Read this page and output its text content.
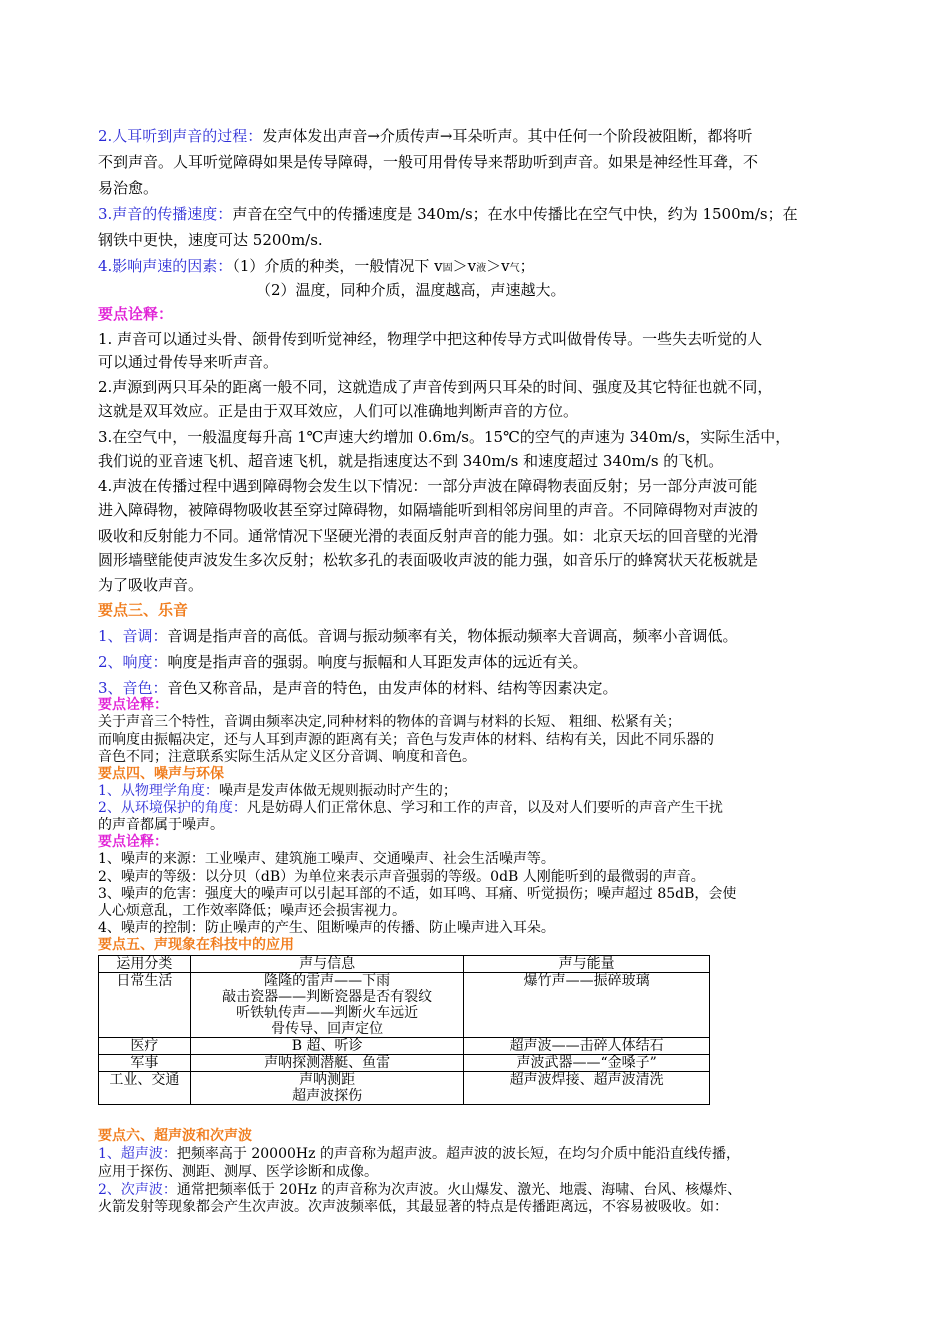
2.人耳听到声音的过程：发声体发出声音→介质传声→耳朵听声。其中任何一个阶段被阻断，都将听
不到声音。人耳听觉障碍如果是传导障碍，一般可用骨传导来帮助听到声音。如果是神经性耳聋，不
易治愈。
3.声音的传播速度：声音在空气中的传播速度是 340m/s；在水中传播比在空气中快，约为 1500m/s；在
钢铁中更快，速度可达 5200m/s.
4.影响声速的因素：（1）介质的种类，一般情况下 v固＞v液＞v气；
（2）温度，同种介质，温度越高，声速越大。
要点诠释：
1. 声音可以通过头骨、颌骨传到听觉神经，物理学中把这种传导方式叫做骨传导。一些失去听觉的人
可以通过骨传导来听声音。
2.声源到两只耳朵的距离一般不同，这就造成了声音传到两只耳朵的时间、强度及其它特征也就不同，
这就是双耳效应。正是由于双耳效应，人们可以准确地判断声音的方位。
3.在空气中，一般温度每升高 1℃声速大约增加 0.6m/s。15℃的空气的声速为 340m/s，实际生活中，
我们说的亚音速飞机、超音速飞机，就是指速度达不到 340m/s 和速度超过 340m/s 的飞机。
4.声波在传播过程中遇到障碍物会发生以下情况：一部分声波在障碍物表面反射；另一部分声波可能
进入障碍物，被障碍物吸收甚至穿过障碍物，如隔墙能听到相邻房间里的声音。不同障碍物对声波的
吸收和反射能力不同。通常情况下坚硬光滑的表面反射声音的能力强。如：北京天坛的回音壁的光滑
圆形墙壁能使声波发生多次反射；松软多孔的表面吸收声波的能力强，如音乐厅的蜂窝状天花板就是
为了吸收声音。
要点三、乐音
1、音调：音调是指声音的高低。音调与振动频率有关，物体振动频率大音调高，频率小音调低。
2、响度：响度是指声音的强弱。响度与振幅和人耳距发声体的远近有关。
3、音色：音色又称音品，是声音的特色，由发声体的材料、结构等因素决定。
要点诠释：
关于声音三个特性，音调由频率决定,同种材料的物体的音调与材料的长短、 粗细、松紧有关；
而响度由振幅决定，还与人耳到声源的距离有关；音色与发声体的材料、结构有关，因此不同乐器的
音色不同；注意联系实际生活从定义区分音调、响度和音色。
要点四、噪声与环保
1、从物理学角度：噪声是发声体做无规则振动时产生的；
2、从环境保护的角度：凡是妨碍人们正常休息、学习和工作的声音，以及对人们要听的声音产生干扰
的声音都属于噪声。
要点诠释：
1、噪声的来源：工业噪声、建筑施工噪声、交通噪声、社会生活噪声等。
2、噪声的等级：以分贝（dB）为单位来表示声音强弱的等级。0dB 人刚能听到的最微弱的声音。
3、噪声的危害：强度大的噪声可以引起耳部的不适，如耳鸣、耳痛、听觉损伤；噪声超过 85dB，会使
人心烦意乱，工作效率降低；噪声还会损害视力。
4、噪声的控制：防止噪声的产生、阻断噪声的传播、防止噪声进入耳朵。
要点五、声现象在科技中的应用
运用分类	声与信息	声与能量
日常生活	隆隆的雷声——下雨
敲击瓷器——判断瓷器是否有裂纹
听铁轨传声——判断火车远近
骨传导、回声定位	爆竹声——振碎玻璃

医疗	B 超、听诊	超声波——击碎人体结石

军事	声呐探测潜艇、鱼雷	声波武器——“金嗓子”

工业、交通	声呐测距
超声波探伤	超声波焊接、超声波清洗
要点六、超声波和次声波
1、超声波：把频率高于 20000Hz 的声音称为超声波。超声波的波长短，在均匀介质中能沿直线传播，
应用于探伤、测距、测厚、医学诊断和成像。
2、次声波：通常把频率低于 20Hz 的声音称为次声波。火山爆发、激光、地震、海啸、台风、核爆炸、
火箭发射等现象都会产生次声波。次声波频率低，其最显著的特点是传播距离远，不容易被吸收。如：
